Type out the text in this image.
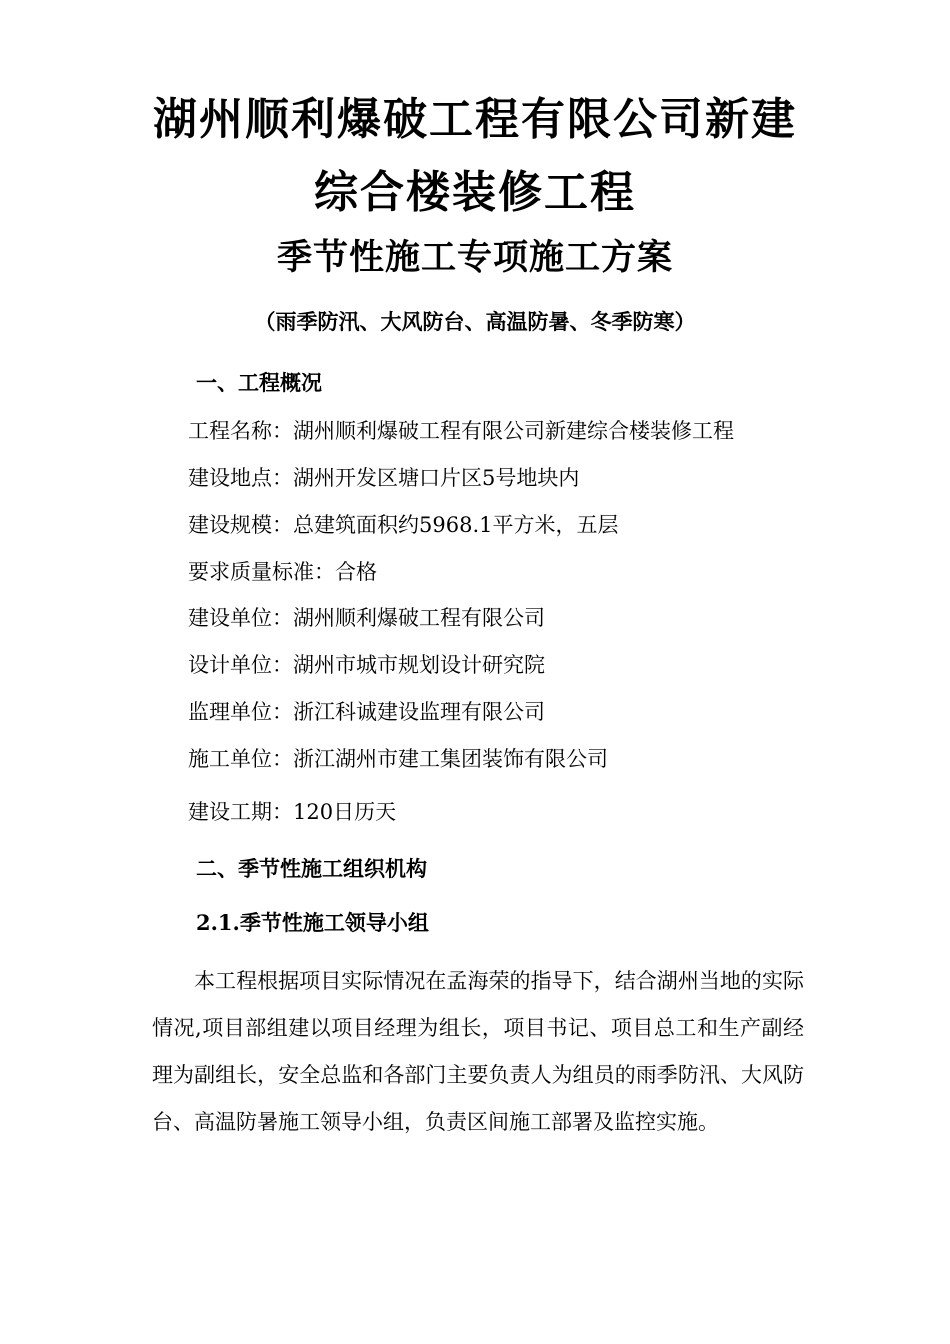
湖州顺利爆破工程有限公司新建
综合楼装修工程
季节性施工专项施工方案
（雨季防汛、大风防台、高温防暑、冬季防寒）
一、工程概况
工程名称：湖州顺利爆破工程有限公司新建综合楼装修工程
建设地点：湖州开发区塘口片区5号地块内
建设规模：总建筑面积约5968.1平方米，五层
要求质量标准：合格
建设单位：湖州顺利爆破工程有限公司
设计单位：湖州市城市规划设计研究院
监理单位：浙江科诚建设监理有限公司
施工单位：浙江湖州市建工集团装饰有限公司
建设工期：120日历天
二、季节性施工组织机构
2.1.季节性施工领导小组
本工程根据项目实际情况在孟海荣的指导下，结合湖州当地的实际情况,项目部组建以项目经理为组长，项目书记、项目总工和生产副经理为副组长，安全总监和各部门主要负责人为组员的雨季防汛、大风防台、高温防暑施工领导小组，负责区间施工部署及监控实施。
